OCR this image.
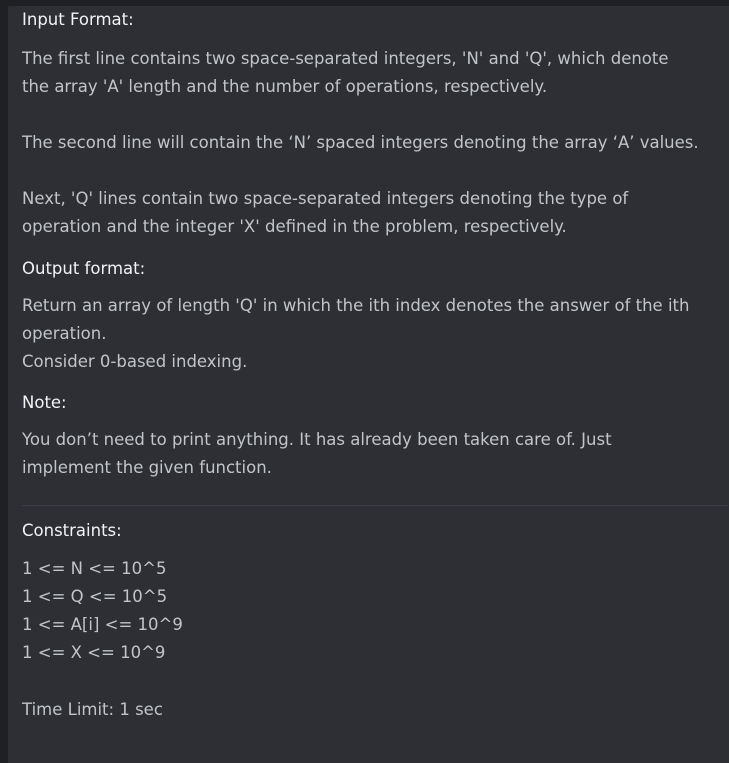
Input Format:
The first line contains two space-separated integers, 'N' and 'Q', which denote
the array 'A' length and the number of operations, respectively.
The second line will contain the ‘N’ spaced integers denoting the array ‘A’ values.
Next, 'Q' lines contain two space-separated integers denoting the type of
operation and the integer 'X' defined in the problem, respectively.
Output format:
Return an array of length 'Q' in which the ith index denotes the answer of the ith
operation.
Consider 0-based indexing.
Note:
You don’t need to print anything. It has already been taken care of. Just
implement the given function.
Constraints:
1 <= N <= 10^5
1 <= Q <= 10^5
1 <= A[i] <= 10^9
1 <= X <= 10^9
Time Limit: 1 sec
